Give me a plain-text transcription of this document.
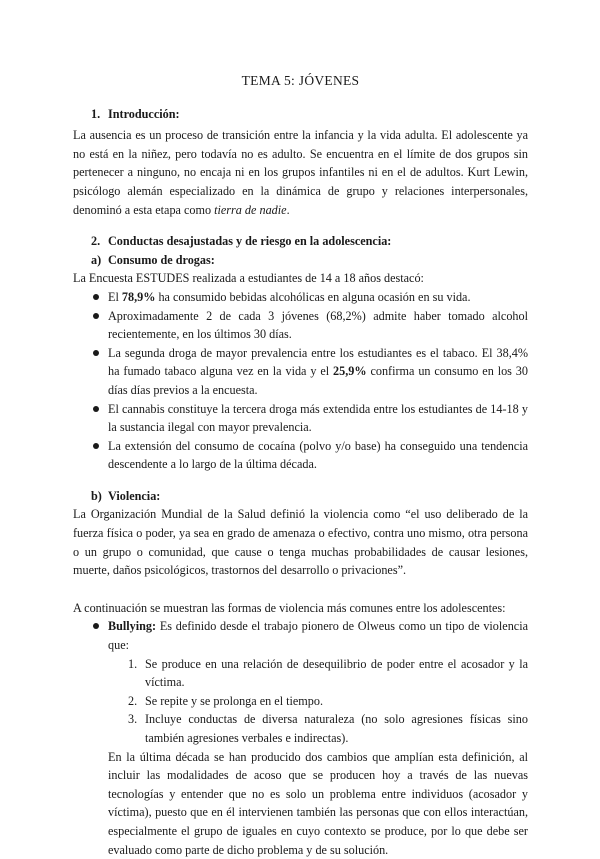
TEMA 5: JÓVENES
1. Introducción:

La ausencia es un proceso de transición entre la infancia y la vida adulta. El adolescente ya no está en la niñez, pero todavía no es adulto. Se encuentra en el límite de dos grupos sin pertenecer a ninguno, no encaja ni en los grupos infantiles ni en el de adultos. Kurt Lewin, psicólogo alemán especializado en la dinámica de grupo y relaciones interpersonales, denominó a esta etapa como tierra de nadie.

2. Conductas desajustadas y de riesgo en la adolescencia:
a) Consumo de drogas:

La Encuesta ESTUDES realizada a estudiantes de 14 a 18 años destacó:

El 78,9% ha consumido bebidas alcohólicas en alguna ocasión en su vida.
Aproximadamente 2 de cada 3 jóvenes (68,2%) admite haber tomado alcohol recientemente, en los últimos 30 días.
La segunda droga de mayor prevalencia entre los estudiantes es el tabaco. El 38,4% ha fumado tabaco alguna vez en la vida y el 25,9% confirma un consumo en los 30 días días previos a la encuesta.
El cannabis constituye la tercera droga más extendida entre los estudiantes de 14-18 y la sustancia ilegal con mayor prevalencia.
La extensión del consumo de cocaína (polvo y/o base) ha conseguido una tendencia descendente a lo largo de la última década.
b) Violencia:

La Organización Mundial de la Salud definió la violencia como “el uso deliberado de la fuerza física o poder, ya sea en grado de amenaza o efectivo, contra uno mismo, otra persona o un grupo o comunidad, que cause o tenga muchas probabilidades de causar lesiones, muerte, daños psicológicos, trastornos del desarrollo o privaciones”.

A continuación se muestran las formas de violencia más comunes entre los adolescentes:

Bullying: Es definido desde el trabajo pionero de Olweus como un tipo de violencia que:
1. Se produce en una relación de desequilibrio de poder entre el acosador y la víctima.
2. Se repite y se prolonga en el tiempo.
3. Incluye conductas de diversa naturaleza (no solo agresiones físicas sino también agresiones verbales e indirectas).

En la última década se han producido dos cambios que amplían esta definición, al incluir las modalidades de acoso que se producen hoy a través de las nuevas tecnologías y entender que no es solo un problema entre individuos (acosador y víctima), puesto que en él intervienen también las personas que con ellos interactúan, especialmente el grupo de iguales en cuyo contexto se produce, por lo que debe ser evaluado como parte de dicho problema y de su solución.
